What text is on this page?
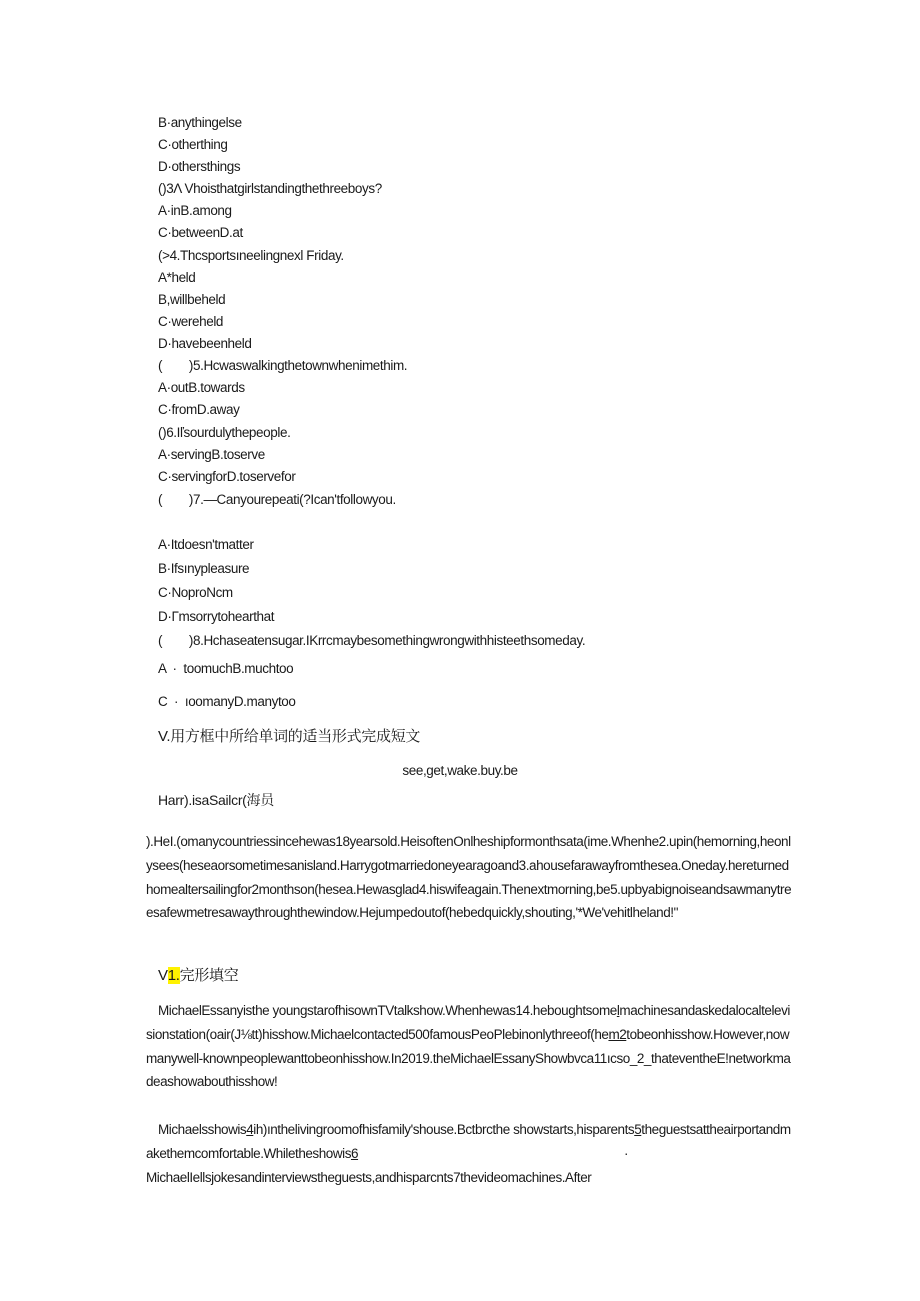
B·anythingelse
C·otherthing
D·othersthings
()3Λ Vhoisthatgirlstandingthethreeboys?
A·inB.among
C·betweenD.at
(>4.Thcsportsıneelingnexl Friday.
A*held
B,willbeheld
C·wereheld
D·havebeenheld
(        )5.Hcwaswalkingthetownwhenimethim.
A·outB.towards
C·fromD.away
()6.Iľsourdulythepeople.
A·servingB.toserve
C·servingforD.toservefor
(        )7.—Canyourepeati(?Ican'tfollowyou.
A·Itdoesn'tmatter
B·Ifsınypleasure
C·NoproNcm
D·Γmsorrytohearthat
(        )8.Hchaseatensugar.IKrrcmaybesomethingwrongwithhisteethsomeday.
A  ·  toomuchB.muchtoo
C  ·  ıoomanyD.manytoo
V.用方框中所给单词的适当形式完成短文
see,get,wake.buy.be
Harr).isaSailcr(海员
).HeI.(omanycountriessincehewas18yearsold.HeisoftenOnlheshipformonthsata(ime.Whenhe2.upin(hemorning,heonlysees(heseaorsometimesanisland.Harrygotmarriedoneyearagoand3.ahousefarawayfromthesea.Oneday.hereturnedhomealtersailingfor2monthson(hesea.Hewasglad4.hiswifeagain.Thenextmorning,be5.upbyabignoiseandsawmanytreesafewmetresawaythroughthewindow.Hejumpedoutof(hebedquickly,shouting,'*We'vehitlheland!"
V1.完形填空
MichaelEssanyisthe youngstarofhisownTVtalkshow.Whenhewas14.heboughtsomelmachinesandaskedalocaltelevisionstation(oair(J⅛tt)hisshow.Michaelcontacted500famousPeoPlebinonlythreeof(hem2tobeonhisshow.However,nowmanywell-knownpeoplewanttobeonhisshow.In2019.theMichaelEssanyShowbvca11ıcso_2_thateventheE!networkmadeashowabouthisshow!
Michaelsshowis4ih)ınthelivingroomofhisfamily'shouse.Bctbrcthe showstarts,hisparents5theguestsattheairportandmakethemcomfortable.Whiletheshowis6	·
MichaelIellsjokesandinterviewstheguests,andhisparcnts7thevideomachines.After
